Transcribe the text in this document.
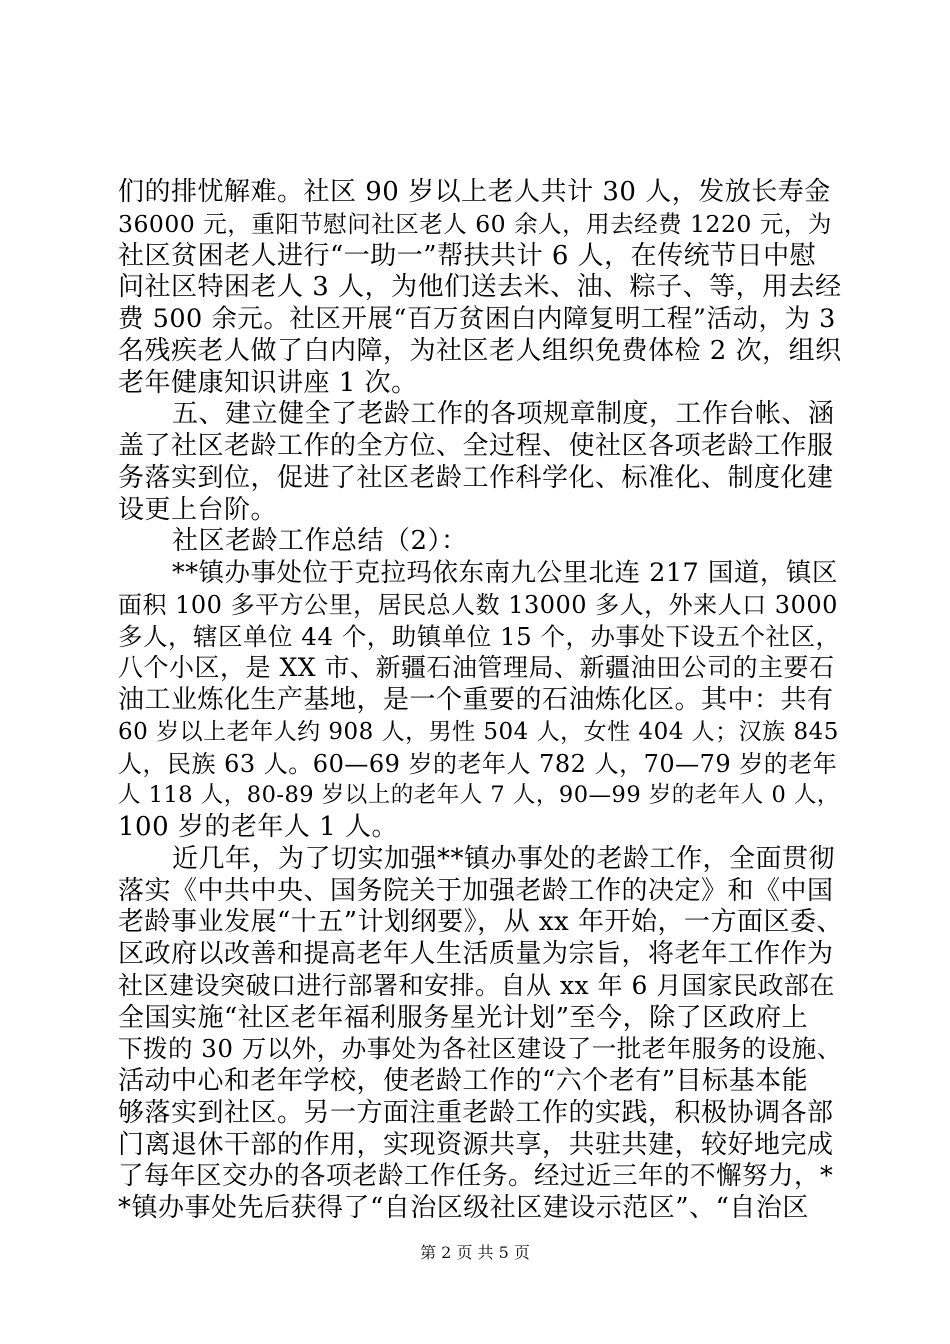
们的排忧解难。社区 90 岁以上老人共计 30 人，发放长寿金
36000 元，重阳节慰问社区老人 60 余人，用去经费 1220 元，为
社区贫困老人进行“一助一”帮扶共计 6 人，在传统节日中慰
问社区特困老人 3 人，为他们送去米、油、粽子、等，用去经
费 500 余元。社区开展“百万贫困白内障复明工程”活动，为 3
名残疾老人做了白内障，为社区老人组织免费体检 2 次，组织
老年健康知识讲座 1 次。
五、建立健全了老龄工作的各项规章制度，工作台帐、涵
盖了社区老龄工作的全方位、全过程、使社区各项老龄工作服
务落实到位，促进了社区老龄工作科学化、标准化、制度化建
设更上台阶。
社区老龄工作总结（2）：
**镇办事处位于克拉玛依东南九公里北连 217 国道，镇区
面积 100 多平方公里，居民总人数 13000 多人，外来人口 3000
多人，辖区单位 44 个，助镇单位 15 个，办事处下设五个社区，
八个小区，是 XX 市、新疆石油管理局、新疆油田公司的主要石
油工业炼化生产基地，是一个重要的石油炼化区。其中：共有
60 岁以上老年人约 908 人，男性 504 人，女性 404 人；汉族 845
人，民族 63 人。60—69 岁的老年人 782 人，70—79 岁的老年
人 118 人，80-89 岁以上的老年人 7 人，90—99 岁的老年人 0 人，
100 岁的老年人 1 人。
近几年，为了切实加强**镇办事处的老龄工作，全面贯彻
落实《中共中央、国务院关于加强老龄工作的决定》和《中国
老龄事业发展“十五”计划纲要》，从 xx 年开始，一方面区委、
区政府以改善和提高老年人生活质量为宗旨，将老年工作作为
社区建设突破口进行部署和安排。自从 xx 年 6 月国家民政部在
全国实施“社区老年福利服务星光计划”至今，除了区政府上
下拨的 30 万以外，办事处为各社区建设了一批老年服务的设施、
活动中心和老年学校，使老龄工作的“六个老有”目标基本能
够落实到社区。另一方面注重老龄工作的实践，积极协调各部
门离退休干部的作用，实现资源共享，共驻共建，较好地完成
了每年区交办的各项老龄工作任务。经过近三年的不懈努力，*
*镇办事处先后获得了“自治区级社区建设示范区”、“自治区
第 2 页 共 5 页
